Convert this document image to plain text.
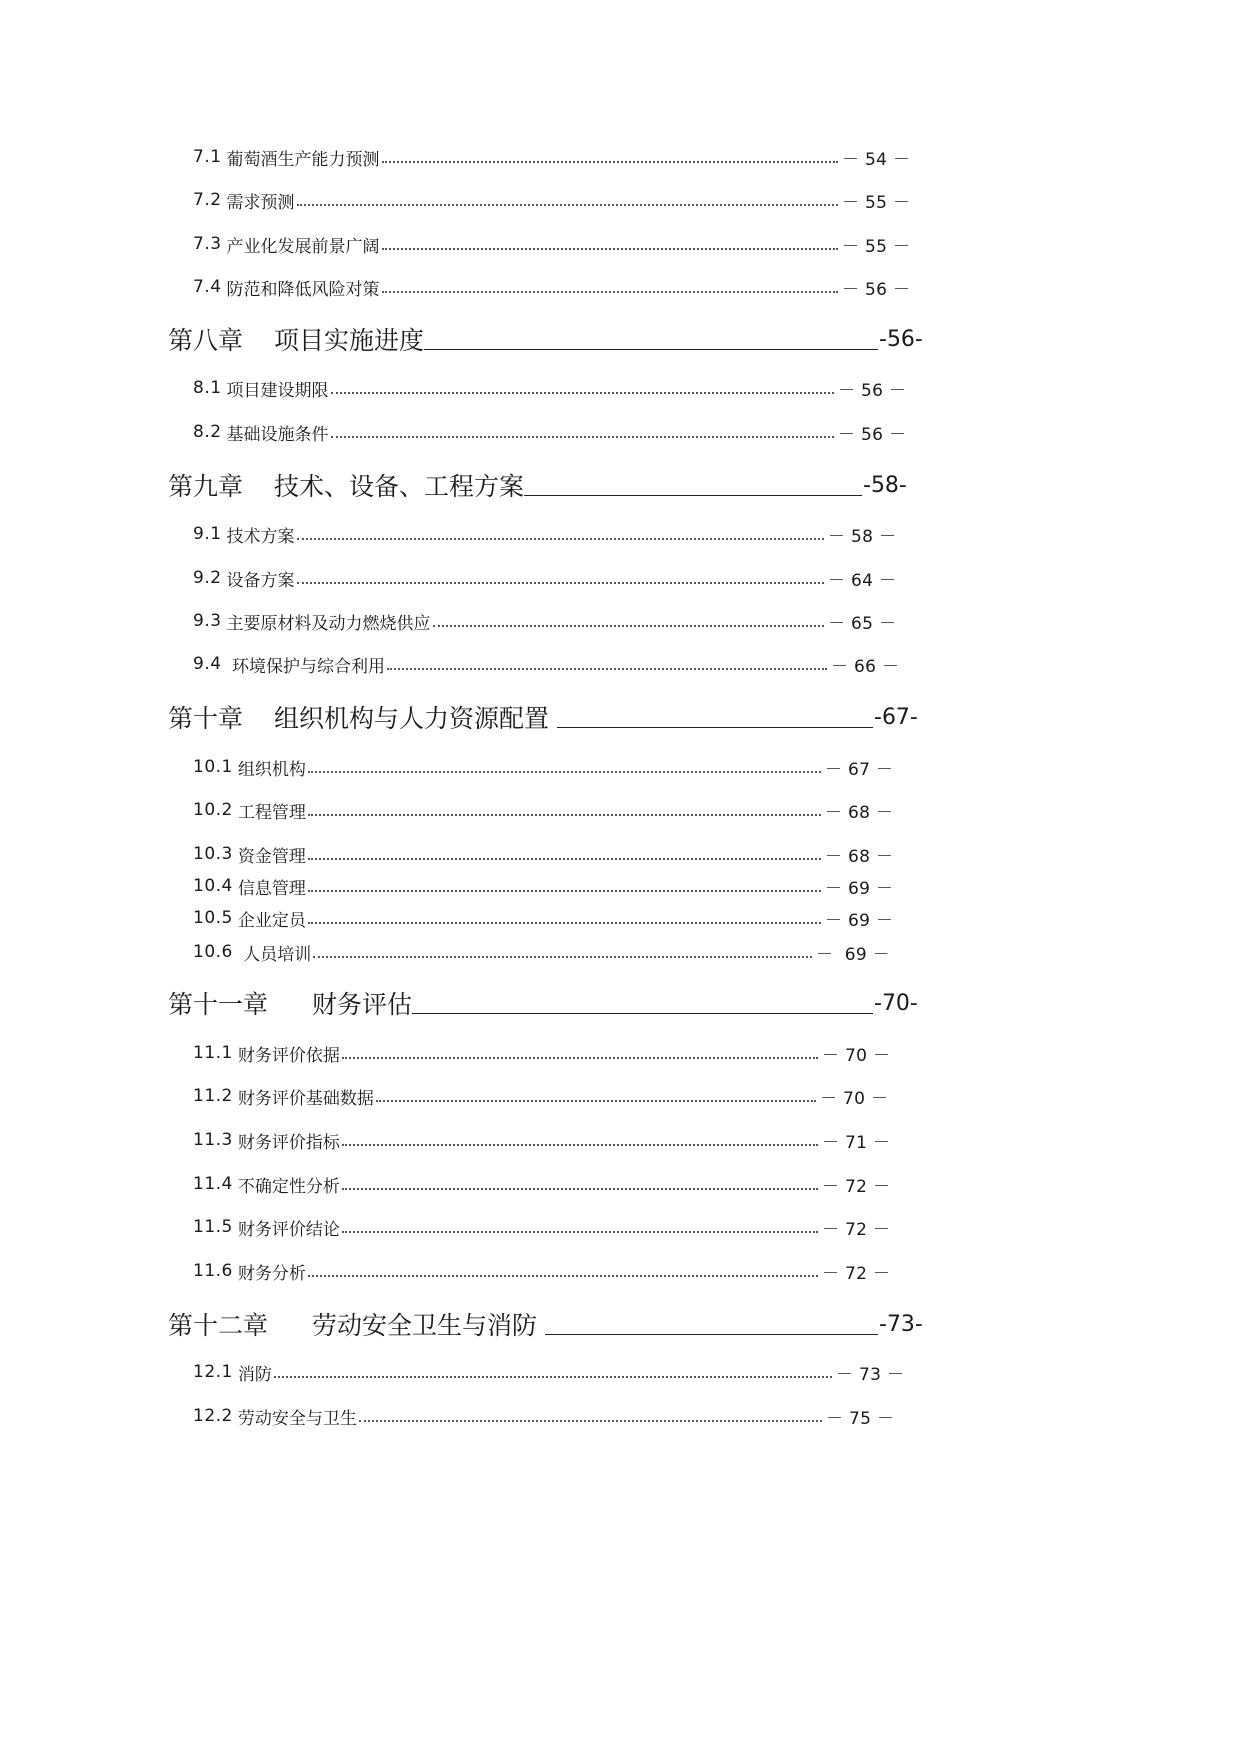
7.1 葡萄酒生产能力预测	－ 54 －
7.2 需求预测	－ 55 －
7.3 产业化发展前景广阔	－ 55 －
7.4 防范和降低风险对策	－ 56 －
第八章 项目实施进度	-56-
8.1 项目建设期限	－ 56 －
8.2 基础设施条件	－ 56 －
第九章 技术、设备、工程方案	-58-
9.1 技术方案	－ 58 －
9.2 设备方案	－ 64 －
9.3 主要原材料及动力燃烧供应	－ 65 －
9.4 环境保护与综合利用	－ 66 －
第十章 组织机构与人力资源配置	-67-
10.1 组织机构	－ 67 －
10.2 工程管理	－ 68 －
10.3 资金管理	－ 68 －
10.4 信息管理	－ 69 －
10.5 企业定员	－ 69 －
10.6 人员培训	－  69 －
第十一章 财务评估	-70-
11.1 财务评价依据	－ 70 －
11.2 财务评价基础数据	－ 70 －
11.3 财务评价指标	－ 71 －
11.4 不确定性分析	－ 72 －
11.5 财务评价结论	－ 72 －
11.6 财务分析	－ 72 －
第十二章 劳动安全卫生与消防	-73-
12.1 消防	－ 73 －
12.2 劳动安全与卫生	－ 75 －
